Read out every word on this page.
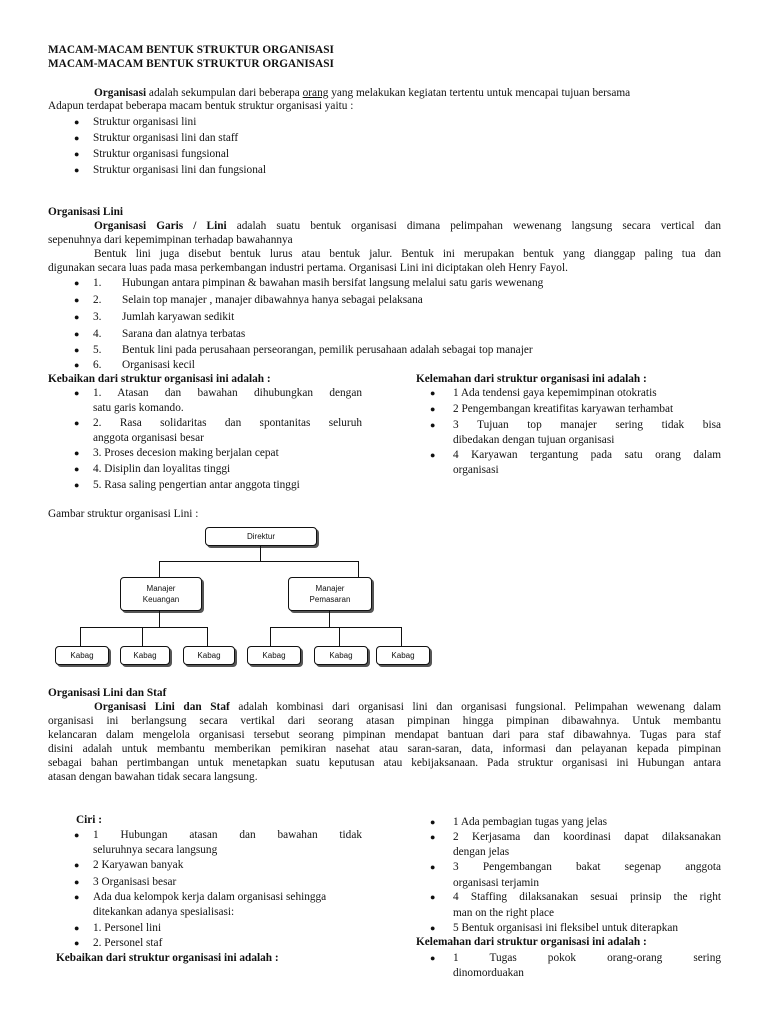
MACAM-MACAM BENTUK STRUKTUR ORGANISASI
MACAM-MACAM BENTUK STRUKTUR ORGANISASI
Organisasi adalah sekumpulan dari beberapa orang yang melakukan kegiatan tertentu untuk mencapai tujuan bersama
Adapun terdapat beberapa macam bentuk struktur organisasi yaitu :
● Struktur organisasi lini
● Struktur organisasi lini dan staff
● Struktur organisasi fungsional
● Struktur organisasi lini dan fungsional
Organisasi Lini
Organisasi Garis / Lini adalah suatu bentuk organisasi dimana pelimpahan wewenang langsung secara vertical dan
sepenuhnya dari kepemimpinan terhadap bawahannya
Bentuk lini juga disebut bentuk lurus atau bentuk jalur. Bentuk ini merupakan bentuk yang dianggap paling tua dan
digunakan secara luas pada masa perkembangan industri pertama. Organisasi Lini ini diciptakan oleh Henry Fayol.
● 1. Hubungan antara pimpinan & bawahan masih bersifat langsung melalui satu garis wewenang
● 2. Selain top manajer , manajer dibawahnya hanya sebagai pelaksana
● 3. Jumlah karyawan sedikit
● 4. Sarana dan alatnya terbatas
● 5. Bentuk lini pada perusahaan perseorangan, pemilik perusahaan adalah sebagai top manajer
● 6. Organisasi kecil
Kebaikan dari struktur organisasi ini adalah :
● 1. Atasan dan bawahan dihubungkan dengan
satu garis komando.
● 2. Rasa solidaritas dan spontanitas seluruh
anggota organisasi besar
● 3. Proses decesion making berjalan cepat
● 4. Disiplin dan loyalitas tinggi
● 5. Rasa saling pengertian antar anggota tinggi
Kelemahan dari struktur organisasi ini adalah :
● 1 Ada tendensi gaya kepemimpinan otokratis
● 2 Pengembangan kreatifitas karyawan terhambat
● 3 Tujuan top manajer sering tidak bisa
dibedakan dengan tujuan organisasi
● 4 Karyawan tergantung pada satu orang dalam
organisasi
Gambar struktur organisasi Lini :
Direktur
Manajer
Keuangan
Manajer
Pemasaran
Kabag	Kabag	Kabag	Kabag	Kabag	Kabag
Organisasi Lini dan Staf
Organisasi Lini dan Staf adalah kombinasi dari organisasi lini dan organisasi fungsional. Pelimpahan wewenang dalam
organisasi ini berlangsung secara vertikal dari seorang atasan pimpinan hingga pimpinan dibawahnya. Untuk membantu
kelancaran dalam mengelola organisasi tersebut seorang pimpinan mendapat bantuan dari para staf dibawahnya. Tugas para staf
disini adalah untuk membantu memberikan pemikiran nasehat atau saran-saran, data, informasi dan pelayanan kepada pimpinan
sebagai bahan pertimbangan untuk menetapkan suatu keputusan atau kebijaksanaan. Pada struktur organisasi ini Hubungan antara
atasan dengan bawahan tidak secara langsung.
Ciri :
● 1 Hubungan atasan dan bawahan tidak
seluruhnya secara langsung
● 2 Karyawan banyak
● 3 Organisasi besar
● Ada dua kelompok kerja dalam organisasi sehingga
ditekankan adanya spesialisasi:
● 1. Personel lini
● 2. Personel staf
Kebaikan dari struktur organisasi ini adalah :
● 1 Ada pembagian tugas yang jelas
● 2 Kerjasama dan koordinasi dapat dilaksanakan
dengan jelas
● 3 Pengembangan bakat segenap anggota
organisasi terjamin
● 4 Staffing dilaksanakan sesuai prinsip the right
man on the right place
● 5 Bentuk organisasi ini fleksibel untuk diterapkan
Kelemahan dari struktur organisasi ini adalah :
● 1 Tugas pokok orang-orang sering
dinomorduakan
